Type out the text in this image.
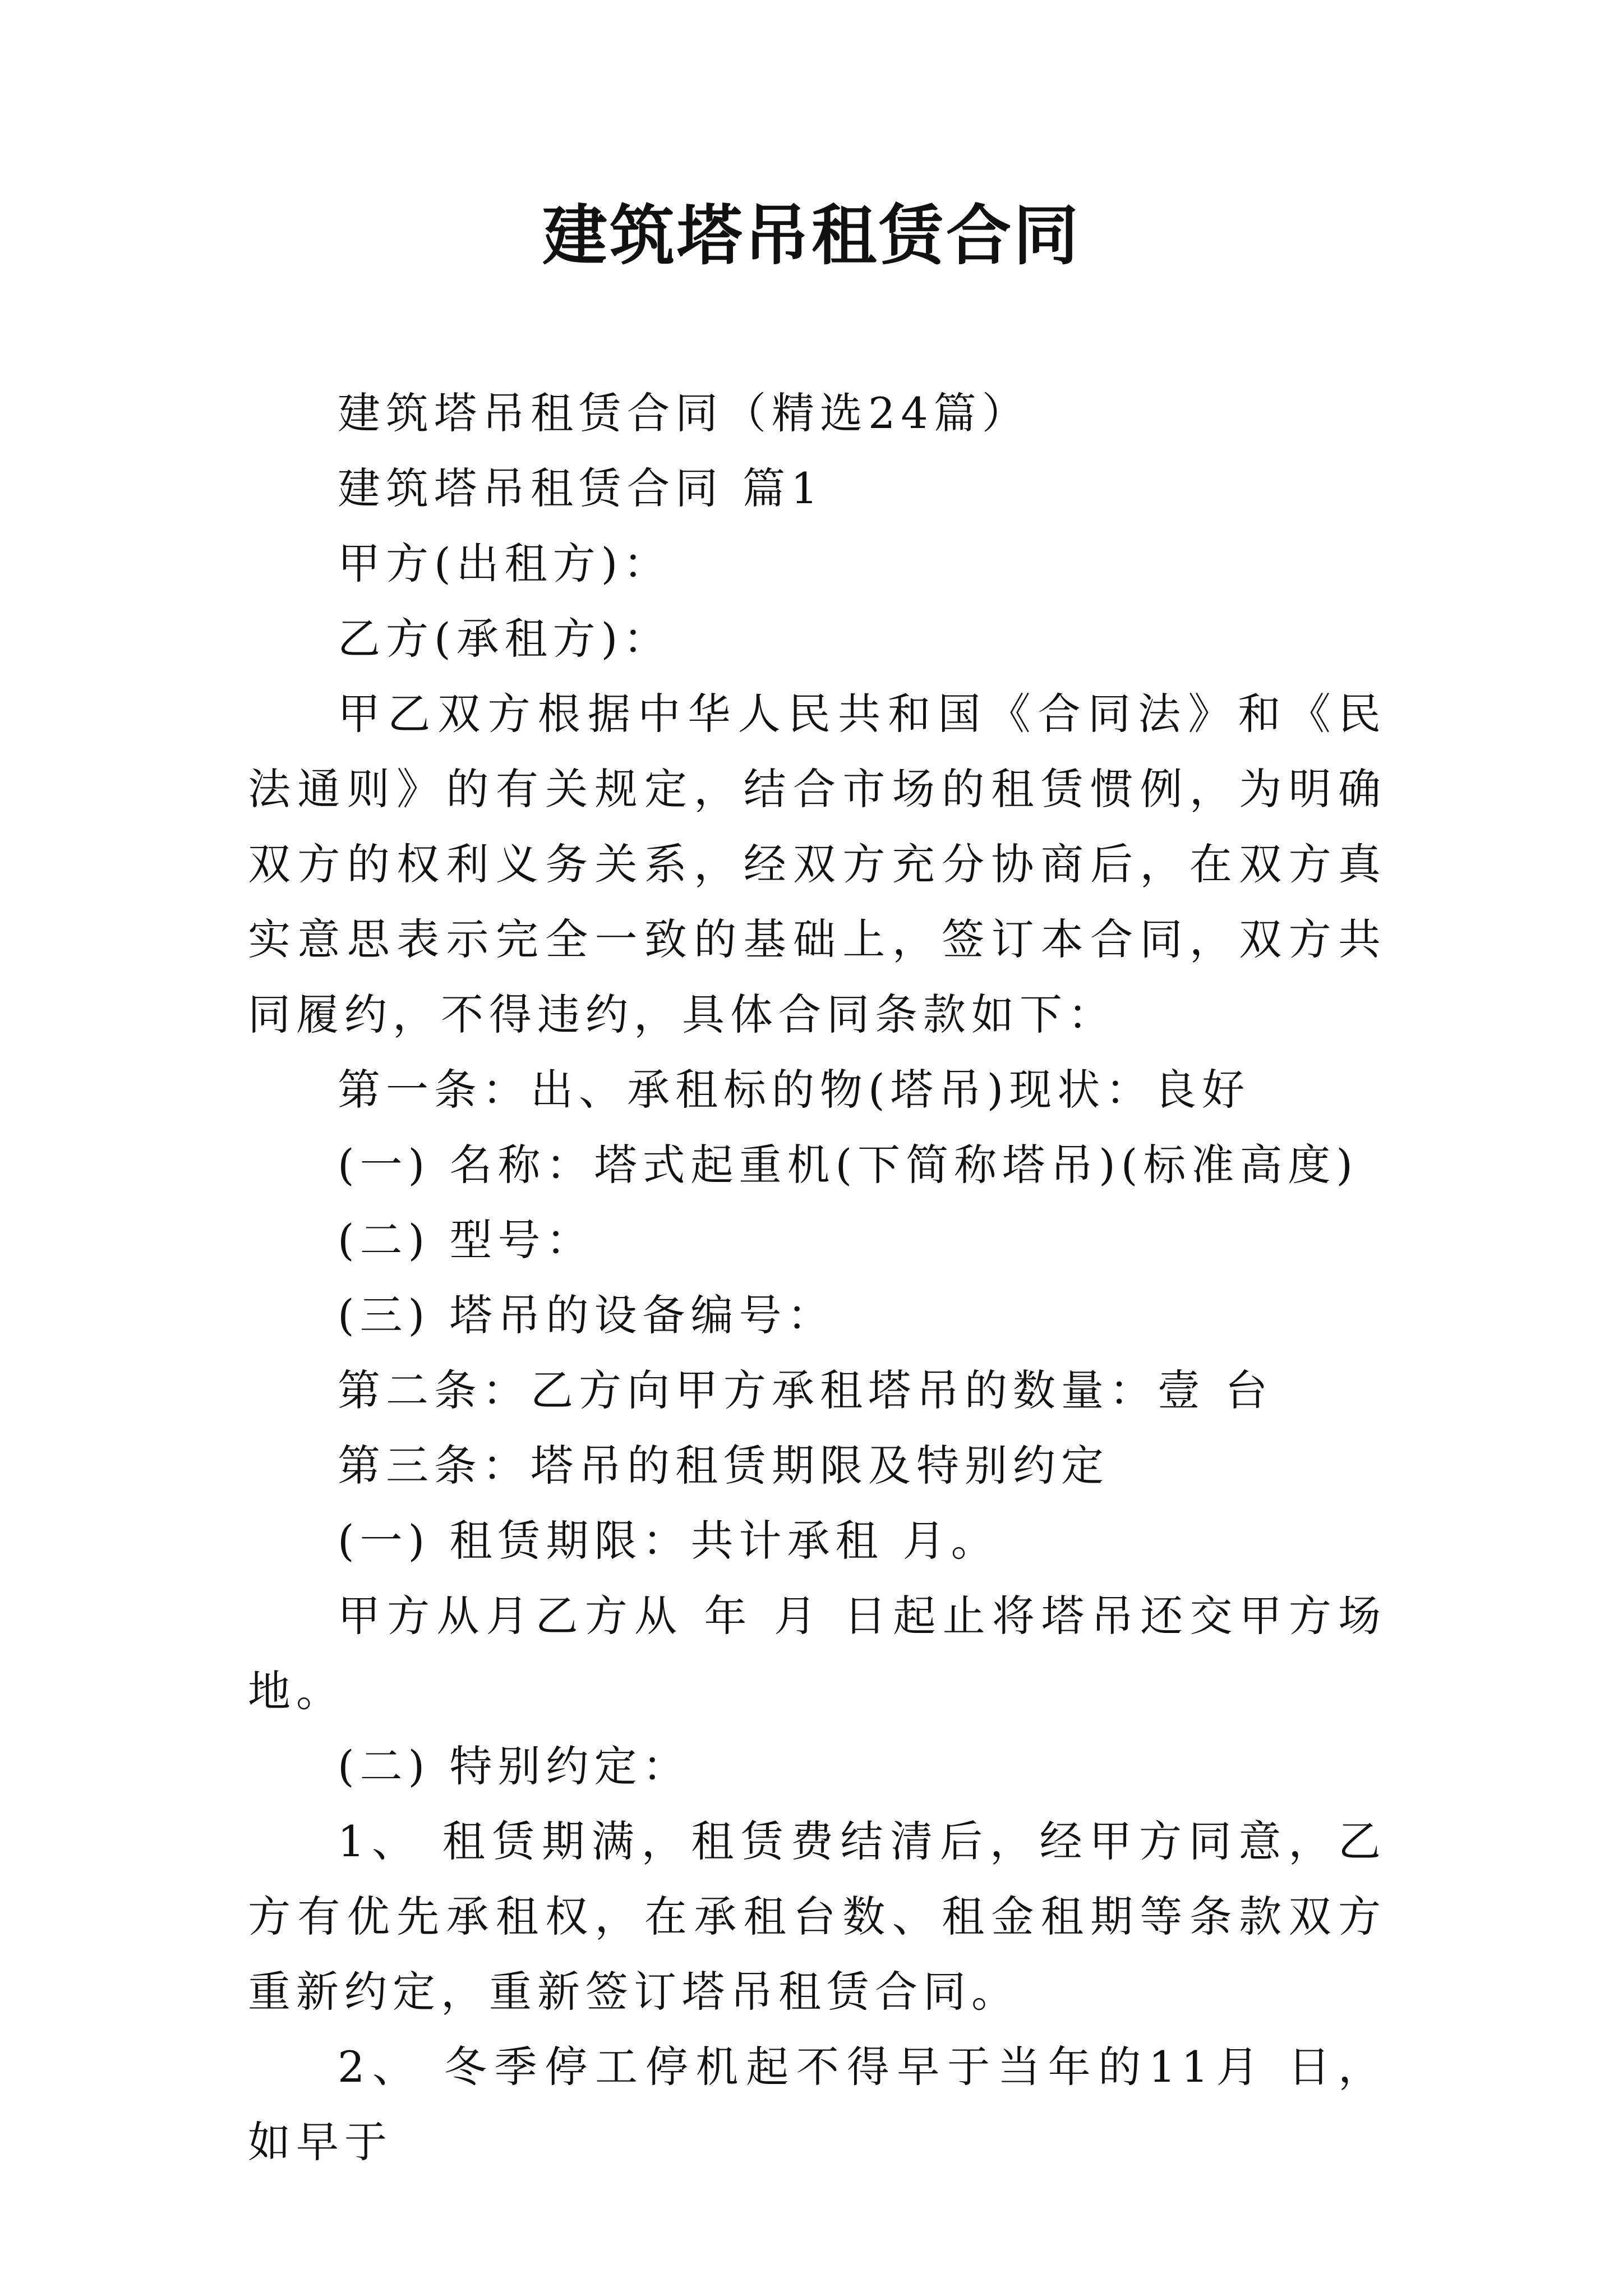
建筑塔吊租赁合同

建筑塔吊租赁合同（精选24篇）

建筑塔吊租赁合同 篇1

甲方(出租方)：

乙方(承租方)：

甲乙双方根据中华人民共和国《合同法》和《民法通则》的有关规定，结合市场的租赁惯例，为明确双方的权利义务关系，经双方充分协商后，在双方真实意思表示完全一致的基础上，签订本合同，双方共同履约，不得违约，具体合同条款如下：

第一条：出、承租标的物(塔吊)现状：良好

(一) 名称：塔式起重机(下简称塔吊)(标准高度)

(二) 型号：

(三) 塔吊的设备编号：

第二条：乙方向甲方承租塔吊的数量：壹 台

第三条：塔吊的租赁期限及特别约定

(一) 租赁期限：共计承租 月。

甲方从月乙方从 年 月 日起止将塔吊还交甲方场地。

(二) 特别约定：

1、 租赁期满，租赁费结清后，经甲方同意，乙方有优先承租权，在承租台数、租金租期等条款双方重新约定，重新签订塔吊租赁合同。

2、 冬季停工停机起不得早于当年的11月 日，如早于
